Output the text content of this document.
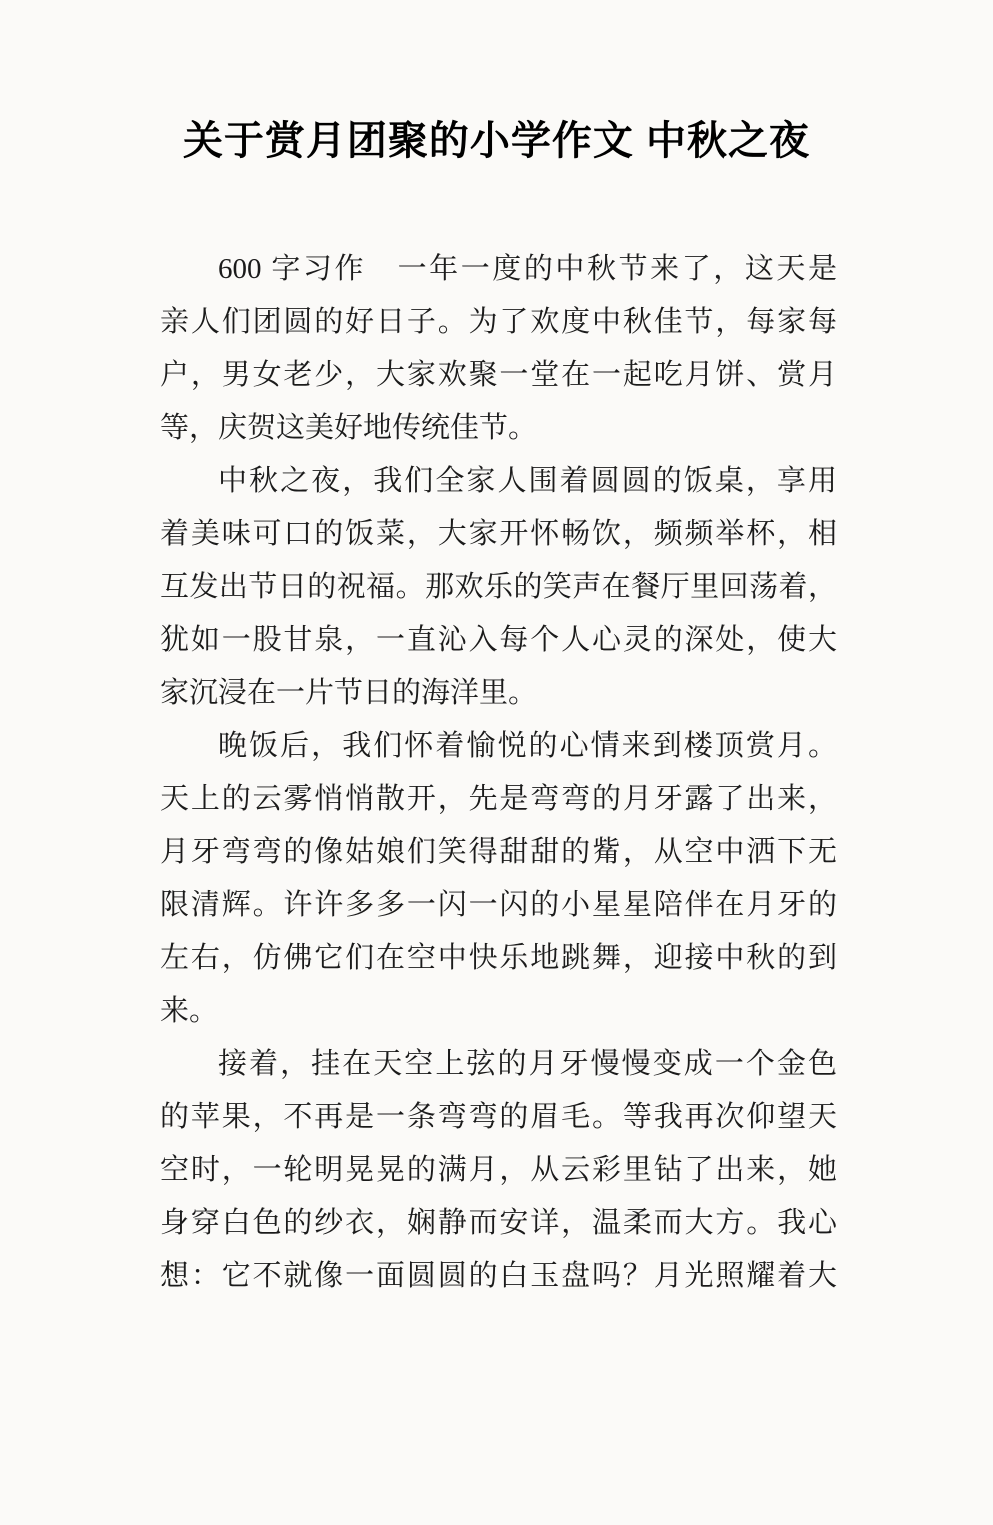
关于赏月团聚的小学作文 中秋之夜
600 字习作　一年一度的中秋节来了，这天是
亲人们团圆的好日子。为了欢度中秋佳节，每家每
户，男女老少，大家欢聚一堂在一起吃月饼、赏月
等，庆贺这美好地传统佳节。
中秋之夜，我们全家人围着圆圆的饭桌，享用
着美味可口的饭菜，大家开怀畅饮，频频举杯，相
互发出节日的祝福。那欢乐的笑声在餐厅里回荡着，
犹如一股甘泉，一直沁入每个人心灵的深处，使大
家沉浸在一片节日的海洋里。
晚饭后，我们怀着愉悦的心情来到楼顶赏月。
天上的云雾悄悄散开，先是弯弯的月牙露了出来，
月牙弯弯的像姑娘们笑得甜甜的觜，从空中洒下无
限清辉。许许多多一闪一闪的小星星陪伴在月牙的
左右，仿佛它们在空中快乐地跳舞，迎接中秋的到
来。
接着，挂在天空上弦的月牙慢慢变成一个金色
的苹果，不再是一条弯弯的眉毛。等我再次仰望天
空时，一轮明晃晃的满月，从云彩里钻了出来，她
身穿白色的纱衣，娴静而安详，温柔而大方。我心
想：它不就像一面圆圆的白玉盘吗？月光照耀着大
